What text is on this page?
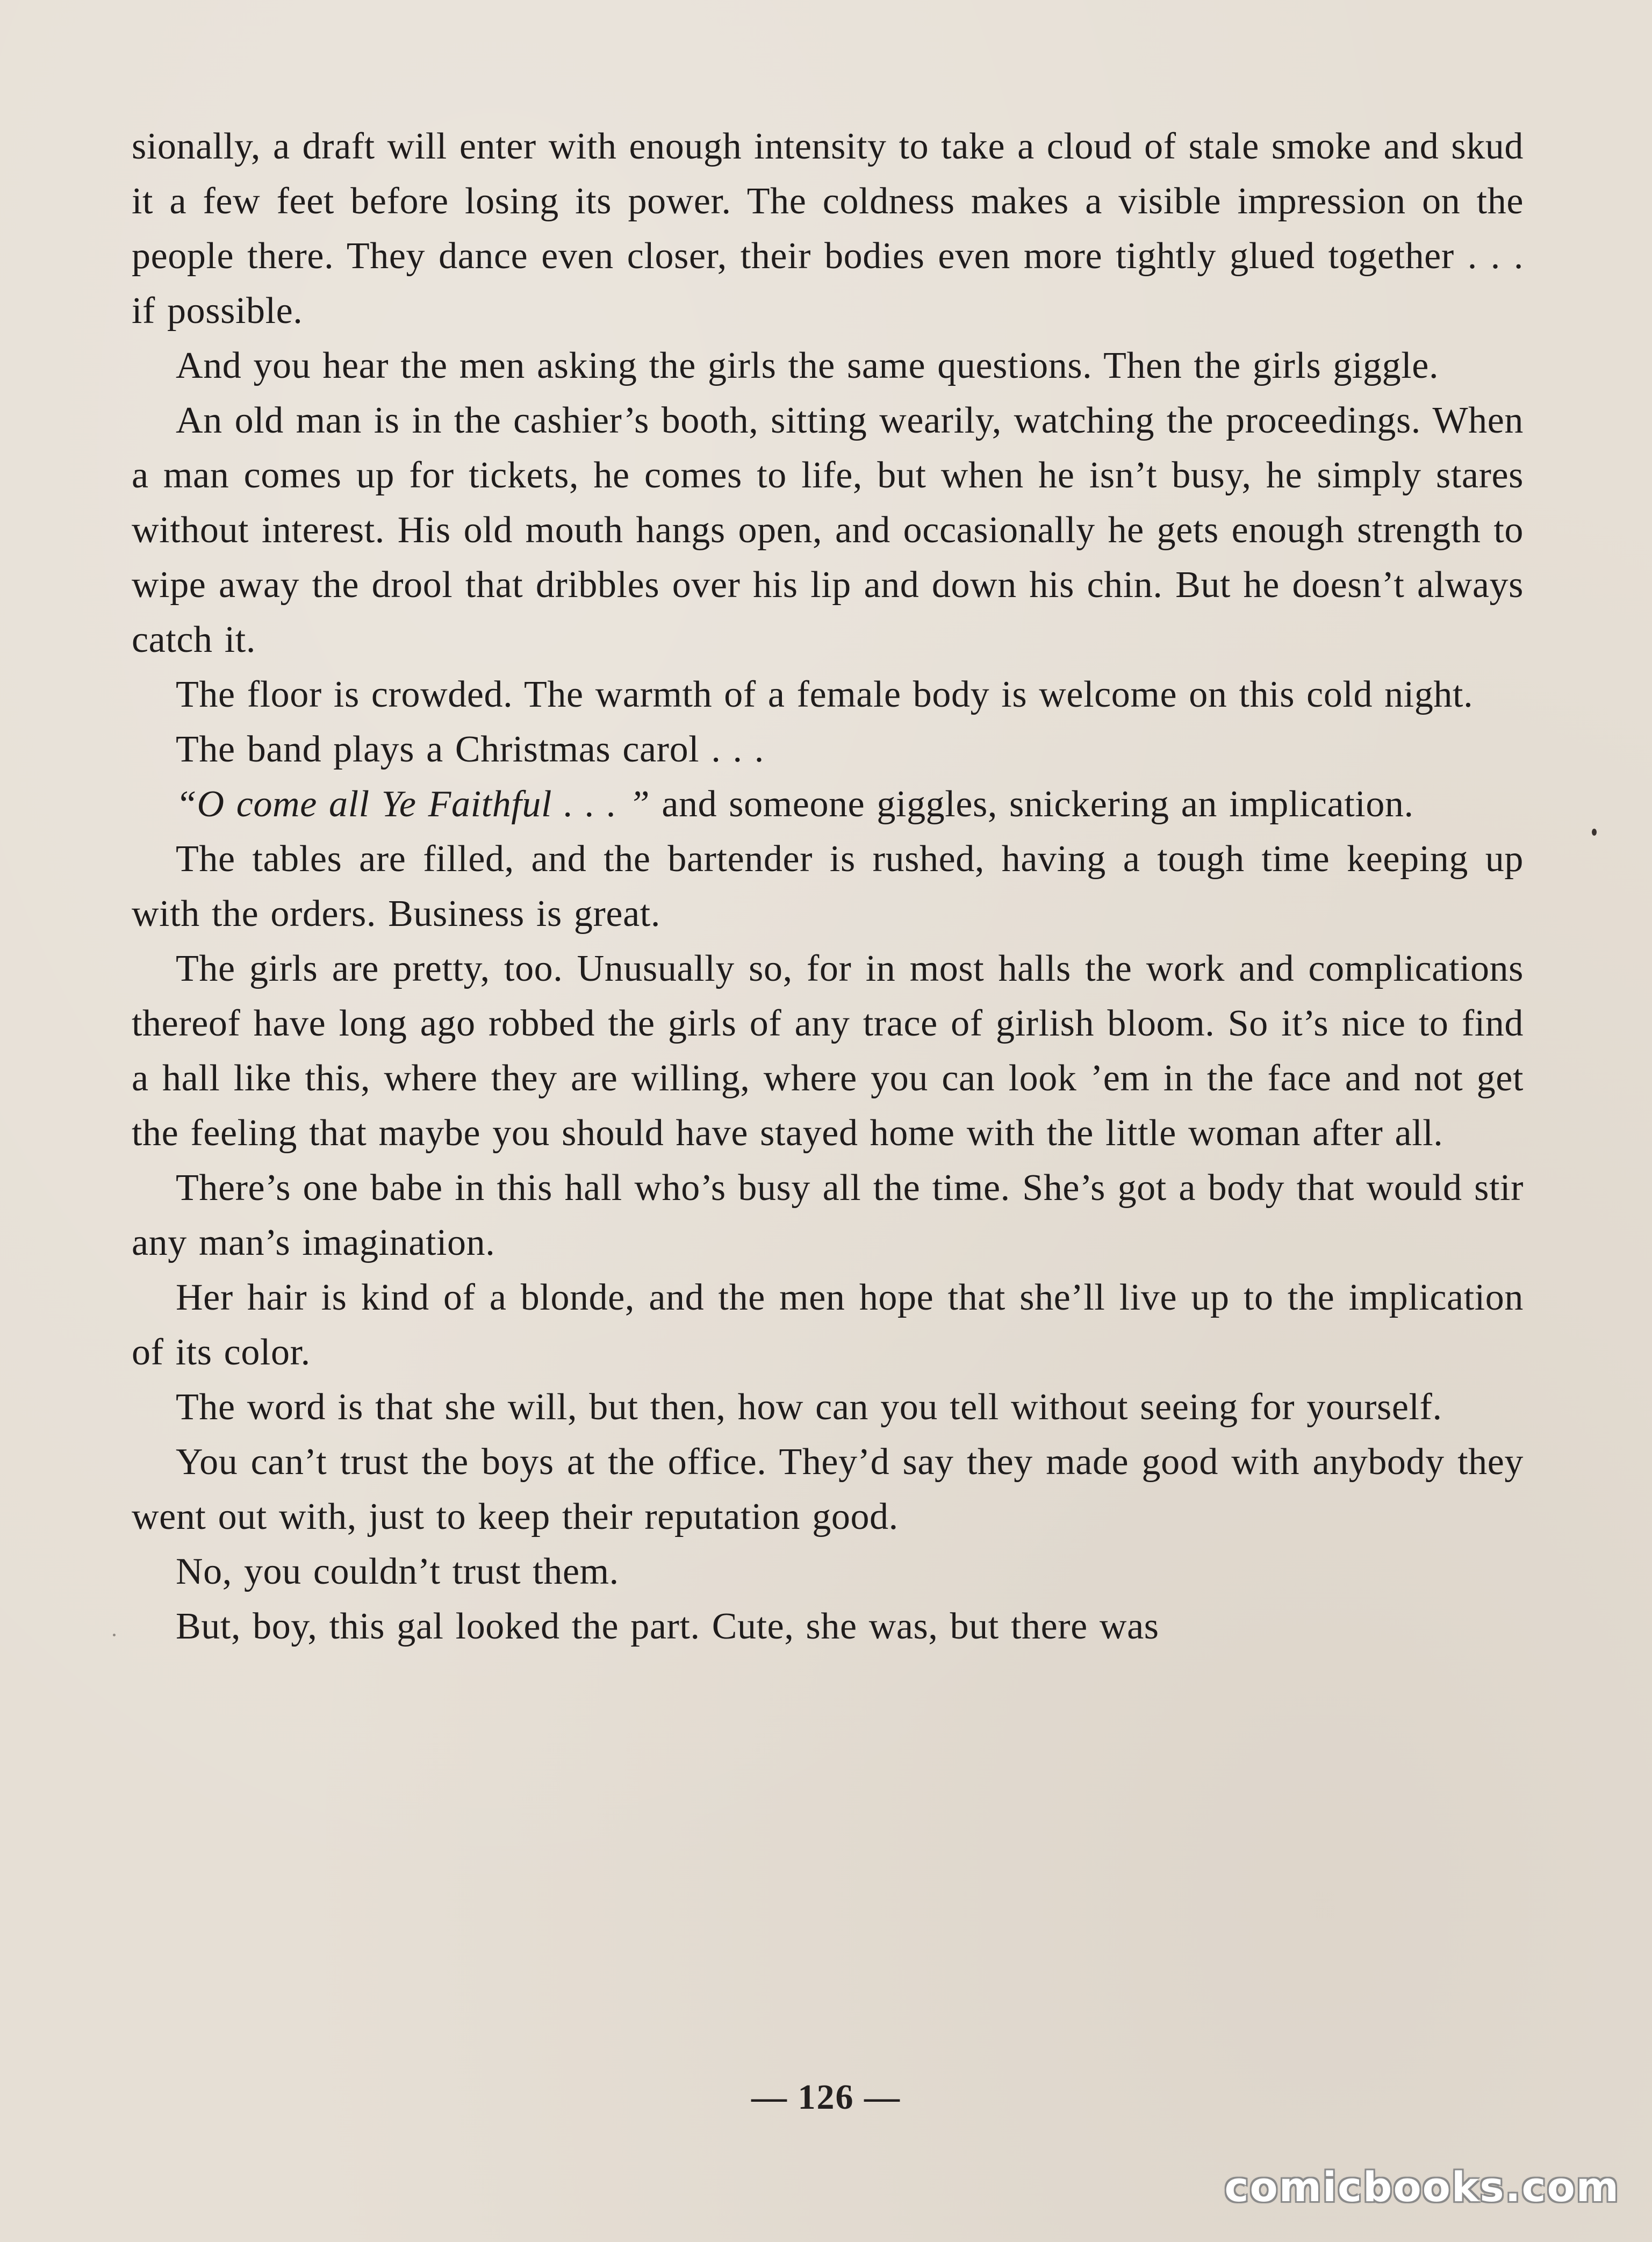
sionally, a draft will enter with enough intensity to take a cloud of stale smoke and skud it a few feet before losing its power. The coldness makes a visible impression on the people there. They dance even closer, their bodies even more tightly glued together . . . if possible.

And you hear the men asking the girls the same questions. Then the girls giggle.

An old man is in the cashier’s booth, sitting wearily, watching the proceedings. When a man comes up for tickets, he comes to life, but when he isn’t busy, he simply stares without interest. His old mouth hangs open, and occasionally he gets enough strength to wipe away the drool that dribbles over his lip and down his chin. But he doesn’t always catch it.

The floor is crowded. The warmth of a female body is welcome on this cold night.

The band plays a Christmas carol . . .

“O come all Ye Faithful . . . ” and someone giggles, snickering an implication.

The tables are filled, and the bartender is rushed, having a tough time keeping up with the orders. Business is great.

The girls are pretty, too. Unusually so, for in most halls the work and complications thereof have long ago robbed the girls of any trace of girlish bloom. So it’s nice to find a hall like this, where they are willing, where you can look ’em in the face and not get the feeling that maybe you should have stayed home with the little woman after all.

There’s one babe in this hall who’s busy all the time. She’s got a body that would stir any man’s imagination.

Her hair is kind of a blonde, and the men hope that she’ll live up to the implication of its color.

The word is that she will, but then, how can you tell without seeing for yourself.

You can’t trust the boys at the office. They’d say they made good with anybody they went out with, just to keep their reputation good.

No, you couldn’t trust them.

But, boy, this gal looked the part. Cute, she was, but there was

— 126 —
comicbooks.com
